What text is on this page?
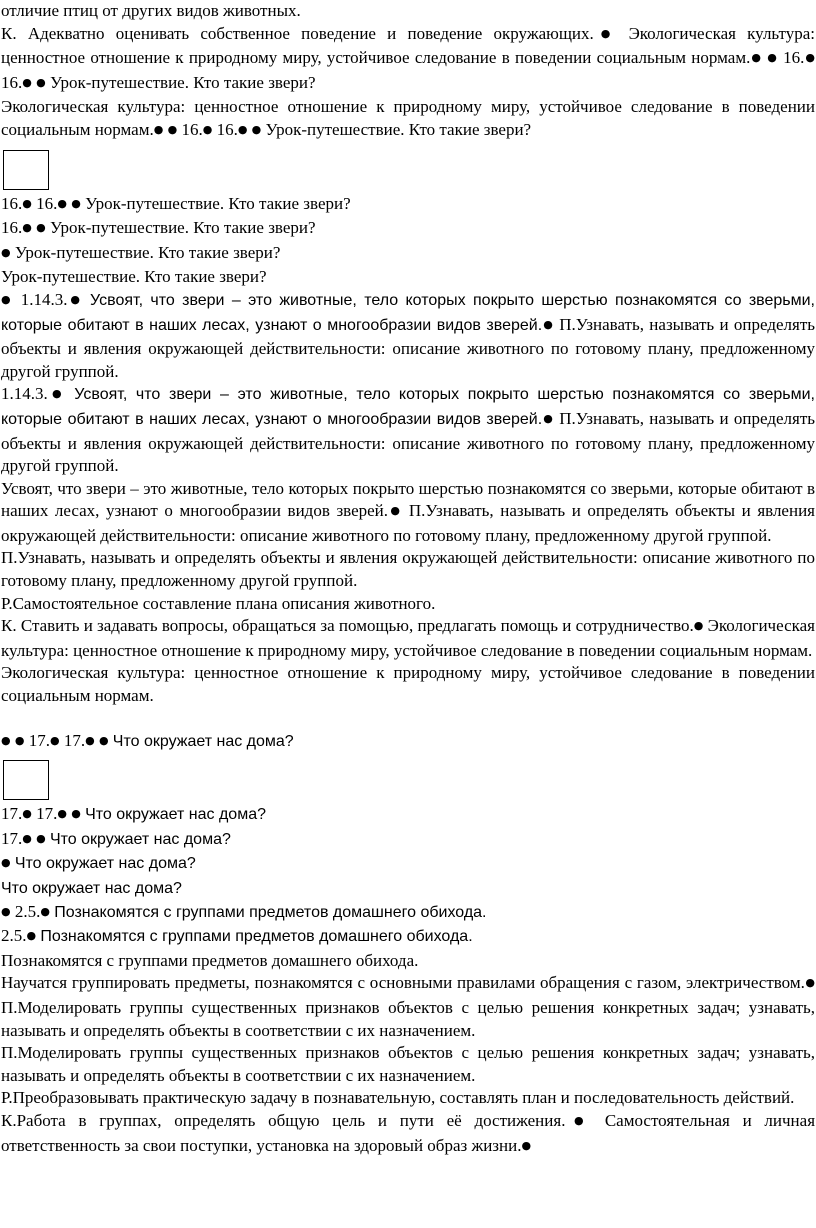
отличие птиц от других видов животных.

К. Адекватно оценивать собственное поведение и поведение окружающих.● Экологическая культура: ценностное отношение к природному миру, устойчивое следование в поведении социальным нормам.● ● 16.● 16.● ● Урок-путешествие. Кто такие звери?

Экологическая культура: ценностное отношение к природному миру, устойчивое следование в поведении социальным нормам.● ● 16.● 16.● ● Урок-путешествие. Кто такие звери?

16.● 16.● ● Урок-путешествие. Кто такие звери?

16.● ● Урок-путешествие. Кто такие звери?

● Урок-путешествие. Кто такие звери?

Урок-путешествие. Кто такие звери?

● 1.14.3.● Усвоят, что звери – это животные, тело которых покрыто шерстью познакомятся со зверьми, которые обитают в наших лесах, узнают о многообразии видов зверей.● П.Узнавать, называть и определять объекты и явления окружающей действительности: описание животного по готовому плану, предложенному другой группой.

1.14.3.● Усвоят, что звери – это животные, тело которых покрыто шерстью познакомятся со зверьми, которые обитают в наших лесах, узнают о многообразии видов зверей.● П.Узнавать, называть и определять объекты и явления окружающей действительности: описание животного по готовому плану, предложенному другой группой.

Усвоят, что звери – это животные, тело которых покрыто шерстью познакомятся со зверьми, которые обитают в наших лесах, узнают о многообразии видов зверей.● П.Узнавать, называть и определять объекты и явления окружающей действительности: описание животного по готовому плану, предложенному другой группой.

П.Узнавать, называть и определять объекты и явления окружающей действительности: описание животного по готовому плану, предложенному другой группой.

Р.Самостоятельное составление плана описания животного.

К. Ставить и задавать вопросы, обращаться за помощью, предлагать помощь и сотрудничество.● Экологическая культура: ценностное отношение к природному миру, устойчивое следование в поведении социальным нормам.

Экологическая культура: ценностное отношение к природному миру, устойчивое следование в поведении социальным нормам.

● ● 17.● 17.● ● Что окружает нас дома?

17.● 17.● ● Что окружает нас дома?

17.● ● Что окружает нас дома?

● Что окружает нас дома?

Что окружает нас дома?

● 2.5.● Познакомятся с группами предметов домашнего обихода.

2.5.● Познакомятся с группами предметов домашнего обихода.

Познакомятся с группами предметов домашнего обихода.

Научатся группировать предметы, познакомятся с основными правилами обращения с газом, электричеством.● П.Моделировать группы существенных признаков объектов с целью решения конкретных задач; узнавать, называть и определять объекты в соответствии с их назначением.

П.Моделировать группы существенных признаков объектов с целью решения конкретных задач; узнавать, называть и определять объекты в соответствии с их назначением.

Р.Преобразовывать практическую задачу в познавательную, составлять план и последовательность действий.

К.Работа в группах, определять общую цель и пути её достижения.● Самостоятельная и личная ответственность за свои поступки, установка на здоровый образ жизни.●
